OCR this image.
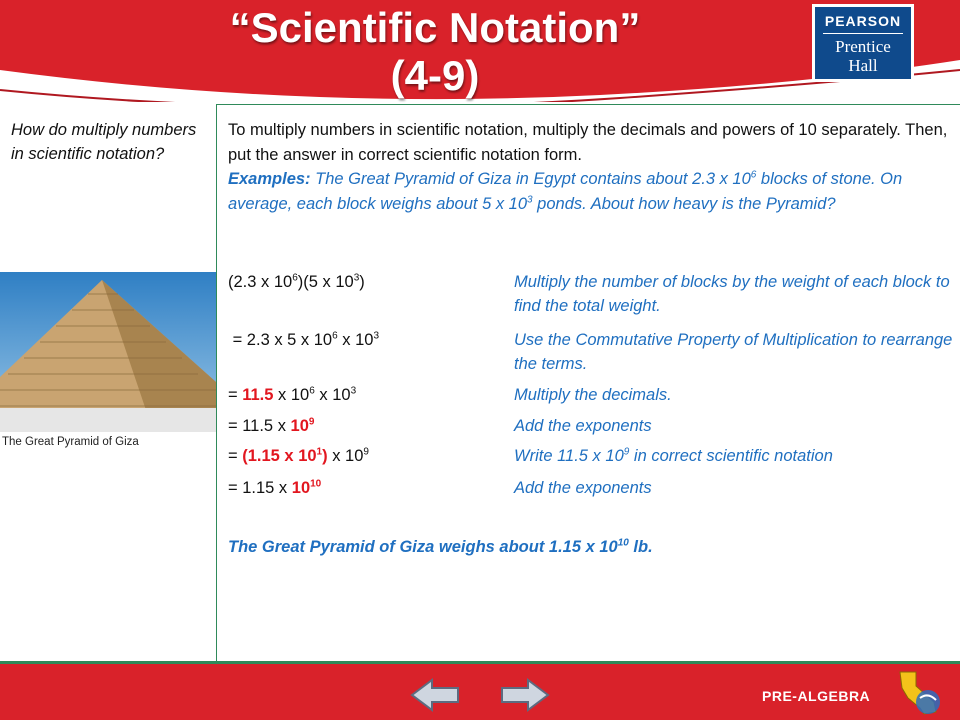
“Scientific Notation”
(4-9)
PEARSON
Prentice
Hall
How do multiply numbers in scientific notation?
The Great Pyramid of Giza
To multiply numbers in scientific notation, multiply the decimals and powers of 10 separately. Then, put the answer in correct scientific notation form.
Examples: The Great Pyramid of Giza in Egypt contains about 2.3 x $10^6$ blocks of stone. On average, each block weighs about 5 x $10^3$ ponds. About how heavy is the Pyramid?
(2.3 x $10^6)(5$ x $10^3$)	Multiply the number of blocks by the weight of each block to find the total weight.
= 2.3 x 5 x $10^6$ x $10^3$	Use the Commutative Property of Multiplication to rearrange the terms.
= 11.5 x $10^6$ x $10^3$	Multiply the decimals.
= 11.5 x $10^9$	Add the exponents
= (1.15 x $10^1$) x $10^9$	Write 11.5 x $10^9$ in correct scientific notation
= 1.15 x $10^{10}$	Add the exponents
The Great Pyramid of Giza weighs about 1.15 x $10^{10}$ lb.
PRE-ALGEBRA
